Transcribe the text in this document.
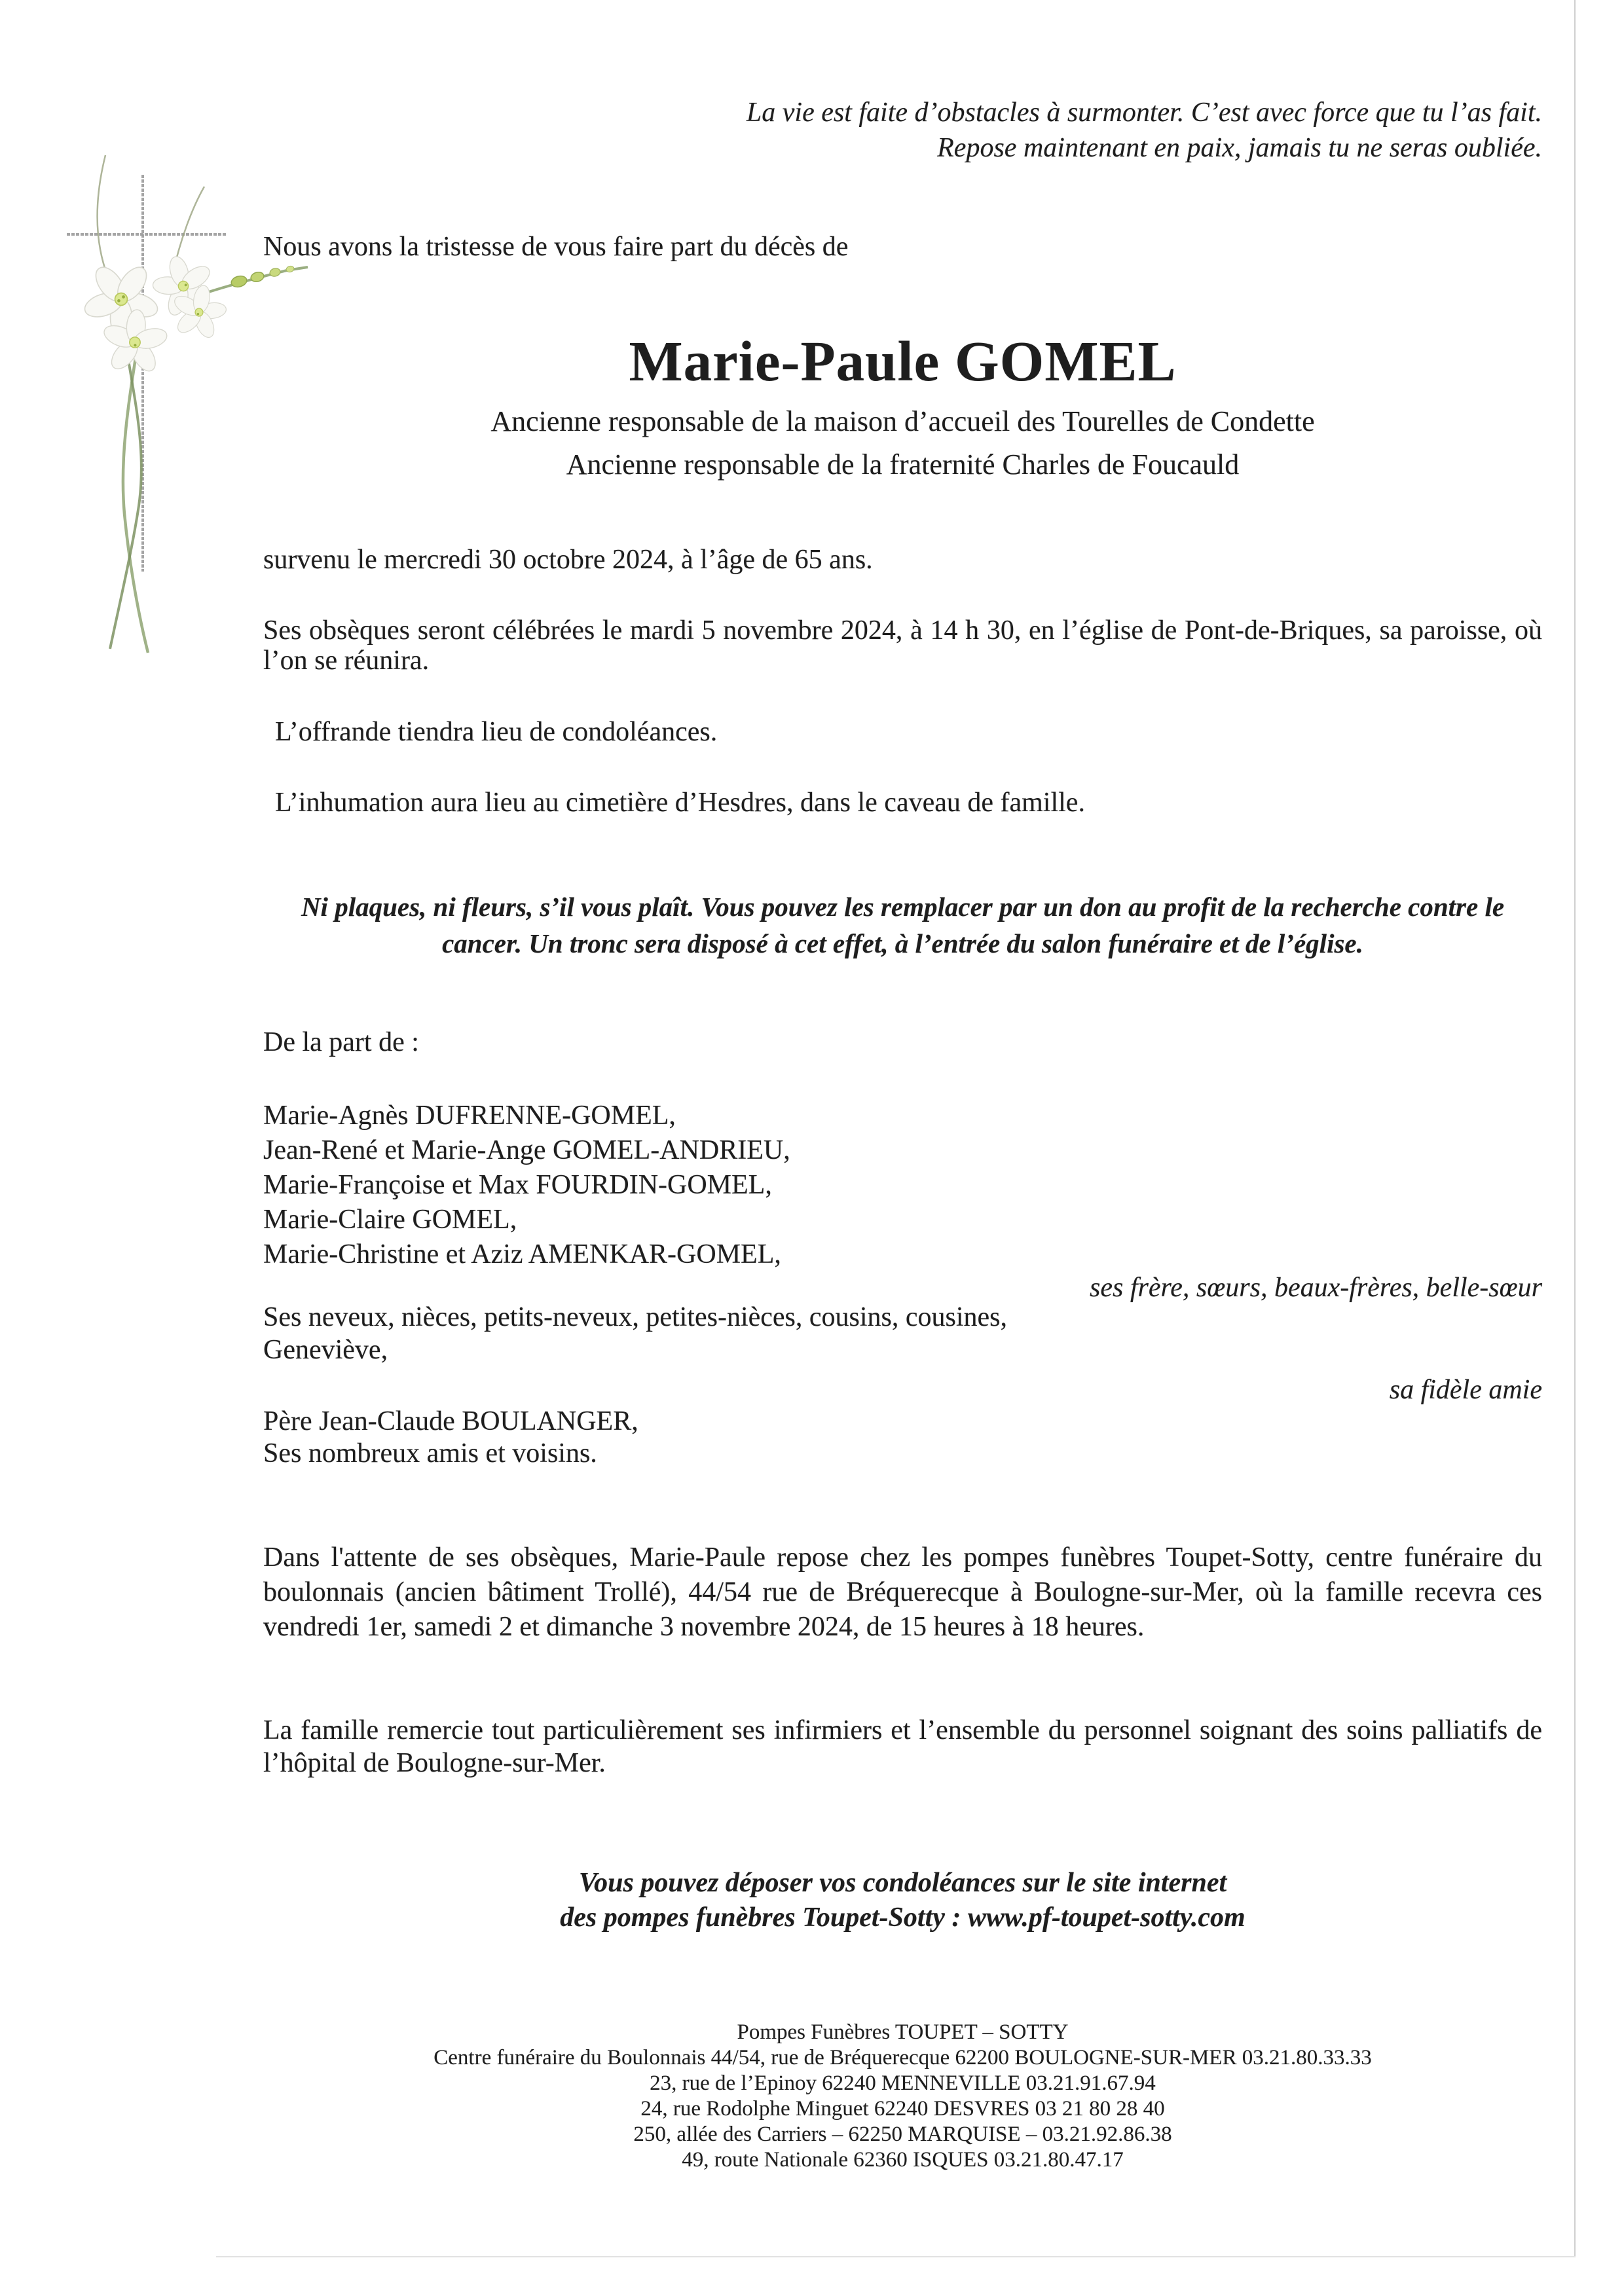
La vie est faite d’obstacles à surmonter. C’est avec force que tu l’as fait.
Repose maintenant en paix, jamais tu ne seras oubliée.
Nous avons la tristesse de vous faire part du décès de
Marie-Paule GOMEL
Ancienne responsable de la maison d’accueil des Tourelles de Condette
Ancienne responsable de la fraternité Charles de Foucauld
survenu le mercredi 30 octobre 2024, à l’âge de 65 ans.
Ses obsèques seront célébrées le mardi 5 novembre 2024, à 14 h 30, en l’église de Pont-de-Briques, sa paroisse, où l’on se réunira.
L’offrande tiendra lieu de condoléances.
L’inhumation aura lieu au cimetière d’Hesdres, dans le caveau de famille.
Ni plaques, ni fleurs, s’il vous plaît. Vous pouvez les remplacer par un don au profit de la recherche contre le cancer. Un tronc sera disposé à cet effet, à l’entrée du salon funéraire et de l’église.
De la part de :
Marie-Agnès DUFRENNE-GOMEL,
Jean-René et Marie-Ange GOMEL-ANDRIEU,
Marie-Françoise et Max FOURDIN-GOMEL,
Marie-Claire GOMEL,
Marie-Christine et Aziz AMENKAR-GOMEL,
ses frère, sœurs, beaux-frères, belle-sœur
Ses neveux, nièces, petits-neveux, petites-nièces, cousins, cousines,
Geneviève,
sa fidèle amie
Père Jean-Claude BOULANGER,
Ses nombreux amis et voisins.
Dans l'attente de ses obsèques, Marie-Paule repose chez les pompes funèbres Toupet-Sotty, centre funéraire du boulonnais (ancien bâtiment Trollé), 44/54 rue de Bréquerecque à Boulogne-sur-Mer, où la famille recevra ces vendredi 1er, samedi 2 et dimanche 3 novembre 2024, de 15 heures à 18 heures.
La famille remercie tout particulièrement ses infirmiers et l’ensemble du personnel soignant des soins palliatifs de l’hôpital de Boulogne-sur-Mer.
Vous pouvez déposer vos condoléances sur le site internet
des pompes funèbres Toupet-Sotty : www.pf-toupet-sotty.com
Pompes Funèbres TOUPET – SOTTY
Centre funéraire du Boulonnais 44/54, rue de Bréquerecque 62200 BOULOGNE-SUR-MER 03.21.80.33.33
23, rue de l’Epinoy 62240 MENNEVILLE 03.21.91.67.94
24, rue Rodolphe Minguet 62240 DESVRES 03 21 80 28 40
250, allée des Carriers – 62250 MARQUISE – 03.21.92.86.38
49, route Nationale 62360 ISQUES 03.21.80.47.17
